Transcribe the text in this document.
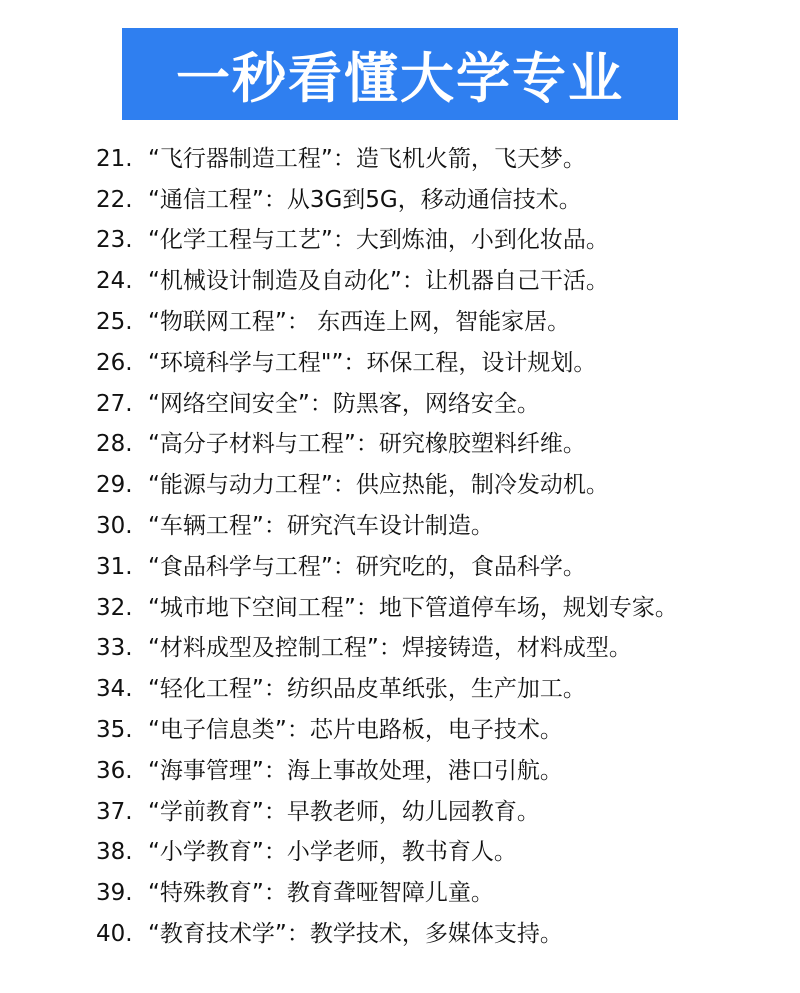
一秒看懂大学专业
21. “飞行器制造工程”：造飞机火箭，飞天梦。
22. “通信工程”：从3G到5G，移动通信技术。
23. “化学工程与工艺”：大到炼油，小到化妆品。
24. “机械设计制造及自动化”：让机器自己干活。
25. “物联网工程”： 东西连上网，智能家居。
26. “环境科学与工程"”：环保工程，设计规划。
27. “网络空间安全”：防黑客，网络安全。
28. “高分子材料与工程”：研究橡胶塑料纤维。
29. “能源与动力工程”：供应热能，制冷发动机。
30. “车辆工程”：研究汽车设计制造。
31. “食品科学与工程”：研究吃的，食品科学。
32. “城市地下空间工程”：地下管道停车场，规划专家。
33. “材料成型及控制工程”：焊接铸造，材料成型。
34. “轻化工程”：纺织品皮革纸张，生产加工。
35. “电子信息类”：芯片电路板，电子技术。
36. “海事管理”：海上事故处理，港口引航。
37. “学前教育”：早教老师，幼儿园教育。
38. “小学教育”：小学老师，教书育人。
39. “特殊教育”：教育聋哑智障儿童。
40. “教育技术学”：教学技术，多媒体支持。
